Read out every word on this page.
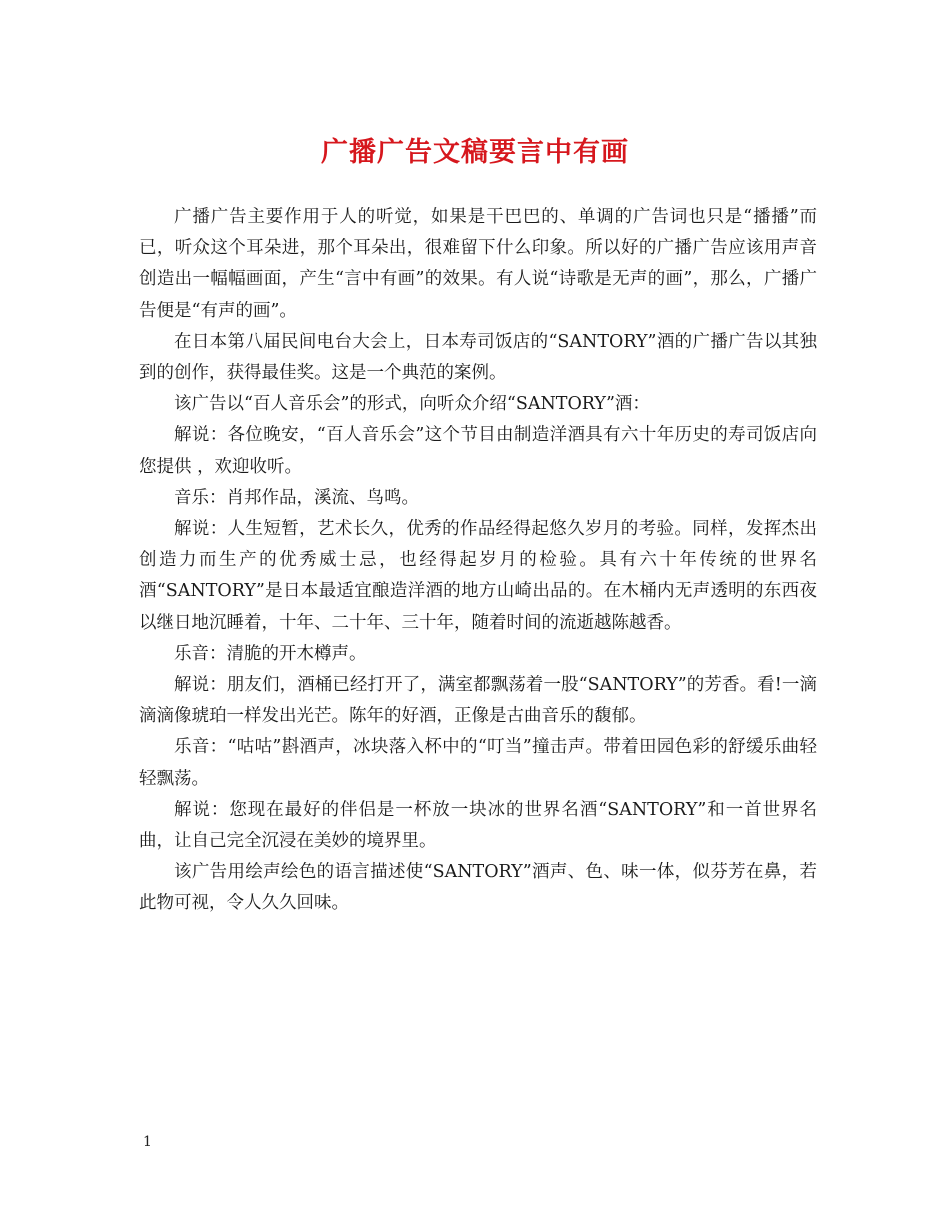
广播广告文稿要言中有画

广播广告主要作用于人的听觉，如果是干巴巴的、单调的广告词也只是“播播”而已，听众这个耳朵进，那个耳朵出，很难留下什么印象。所以好的广播广告应该用声音创造出一幅幅画面，产生“言中有画”的效果。有人说“诗歌是无声的画”，那么，广播广告便是“有声的画”。

在日本第八届民间电台大会上，日本寿司饭店的“SANTORY”酒的广播广告以其独到的创作，获得最佳奖。这是一个典范的案例。

该广告以“百人音乐会”的形式，向听众介绍“SANTORY”酒：

解说：各位晚安，“百人音乐会”这个节目由制造洋酒具有六十年历史的寿司饭店向您提供 ，欢迎收听。

音乐：肖邦作品，溪流、鸟鸣。

解说：人生短暂，艺术长久，优秀的作品经得起悠久岁月的考验。同样，发挥杰出创造力而生产的优秀威士忌，也经得起岁月的检验。具有六十年传统的世界名酒“SANTORY”是日本最适宜酿造洋酒的地方山崎出品的。在木桶内无声透明的东西夜以继日地沉睡着，十年、二十年、三十年，随着时间的流逝越陈越香。

乐音：清脆的开木樽声。

解说：朋友们，酒桶已经打开了，满室都飘荡着一股“SANTORY”的芳香。看!一滴滴滴像琥珀一样发出光芒。陈年的好酒，正像是古曲音乐的馥郁。

乐音：“咕咕”斟酒声，冰块落入杯中的“叮当”撞击声。带着田园色彩的舒缓乐曲轻轻飘荡。

解说：您现在最好的伴侣是一杯放一块冰的世界名酒“SANTORY”和一首世界名曲，让自己完全沉浸在美妙的境界里。

该广告用绘声绘色的语言描述使“SANTORY”酒声、色、味一体，似芬芳在鼻，若此物可视，令人久久回味。

1
